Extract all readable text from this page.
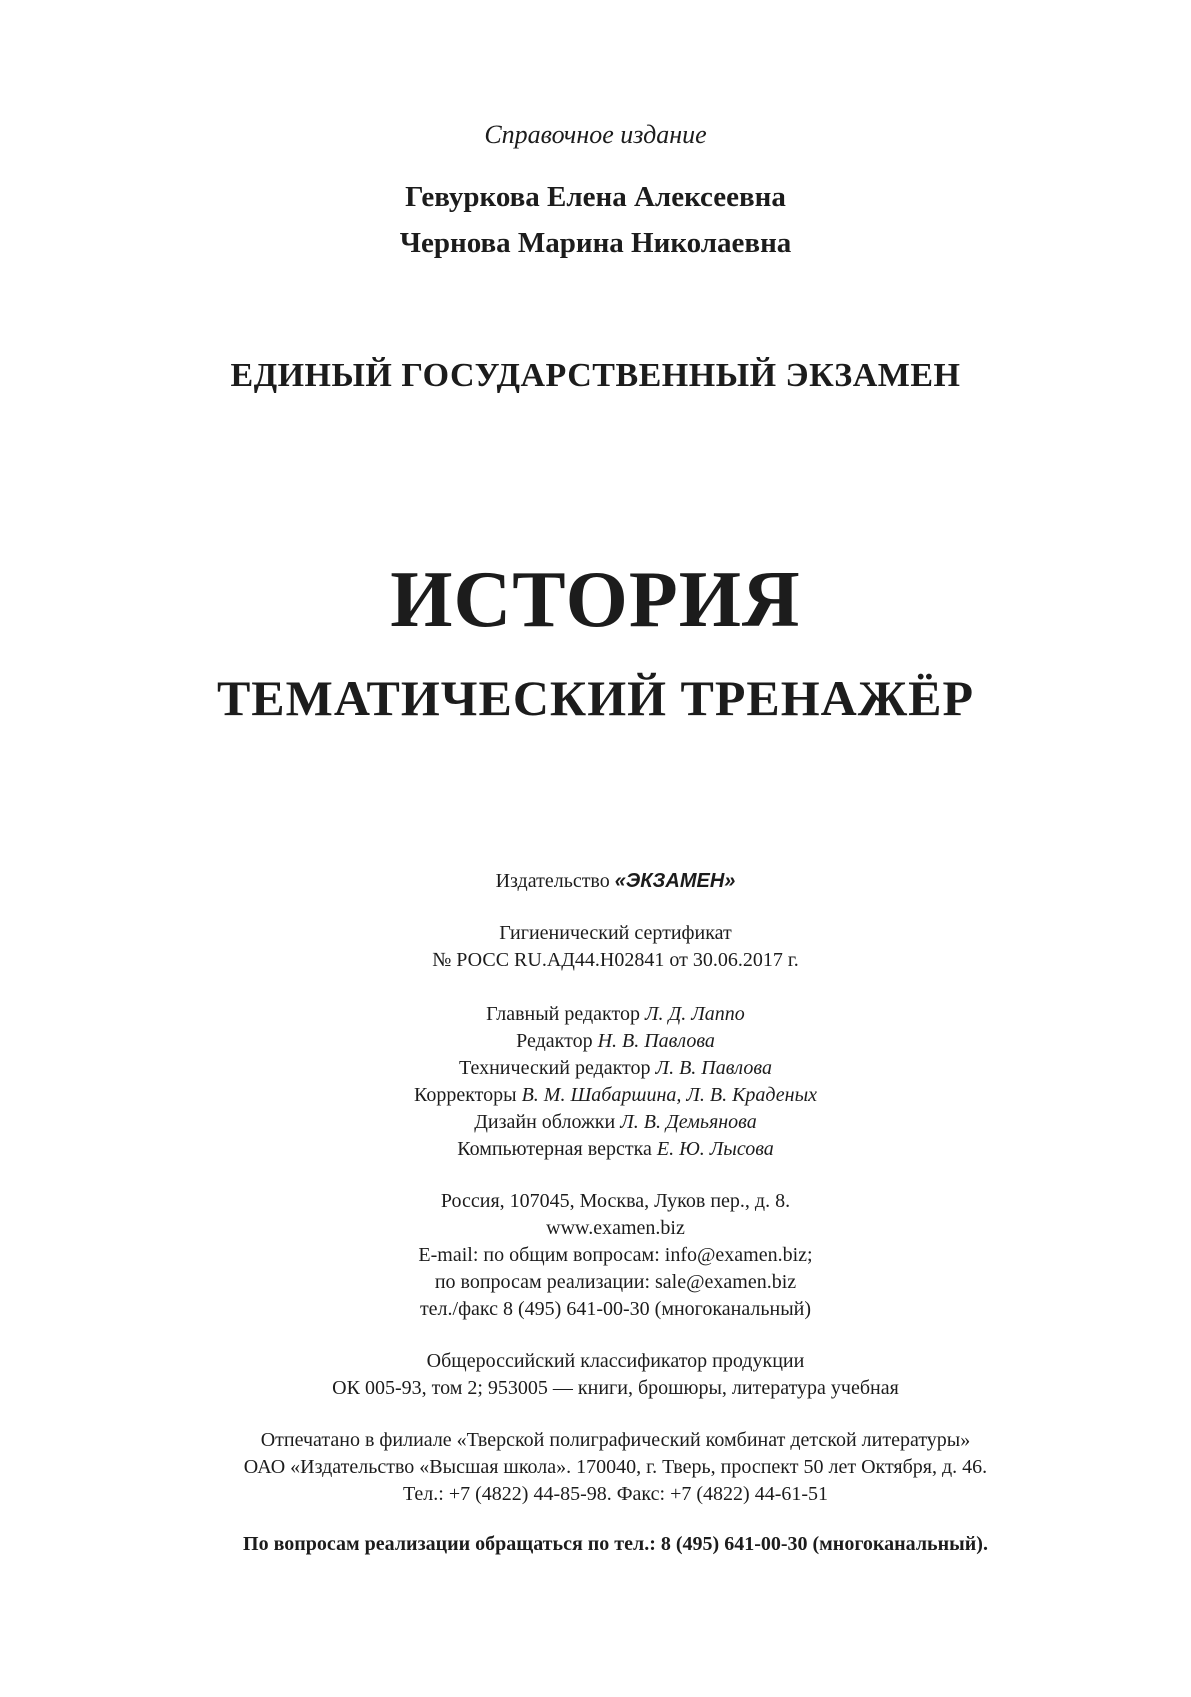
Справочное издание
Гевуркова Елена Алексеевна
Чернова Марина Николаевна
ЕДИНЫЙ ГОСУДАРСТВЕННЫЙ ЭКЗАМЕН
ИСТОРИЯ
ТЕМАТИЧЕСКИЙ ТРЕНАЖЁР
Издательство «ЭКЗАМЕН»
Гигиенический сертификат
№ РОСС RU.АД44.Н02841 от 30.06.2017 г.
Главный редактор Л. Д. Лаппо
Редактор Н. В. Павлова
Технический редактор Л. В. Павлова
Корректоры В. М. Шабаршина, Л. В. Краденых
Дизайн обложки Л. В. Демьянова
Компьютерная верстка Е. Ю. Лысова
Россия, 107045, Москва, Луков пер., д. 8.
www.examen.biz
E-mail: по общим вопросам: info@examen.biz;
по вопросам реализации: sale@examen.biz
тел./факс 8 (495) 641-00-30 (многоканальный)
Общероссийский классификатор продукции
ОК 005-93, том 2; 953005 — книги, брошюры, литература учебная
Отпечатано в филиале «Тверской полиграфический комбинат детской литературы»
ОАО «Издательство «Высшая школа». 170040, г. Тверь, проспект 50 лет Октября, д. 46.
Тел.: +7 (4822) 44-85-98. Факс: +7 (4822) 44-61-51
По вопросам реализации обращаться по тел.: 8 (495) 641-00-30 (многоканальный).
